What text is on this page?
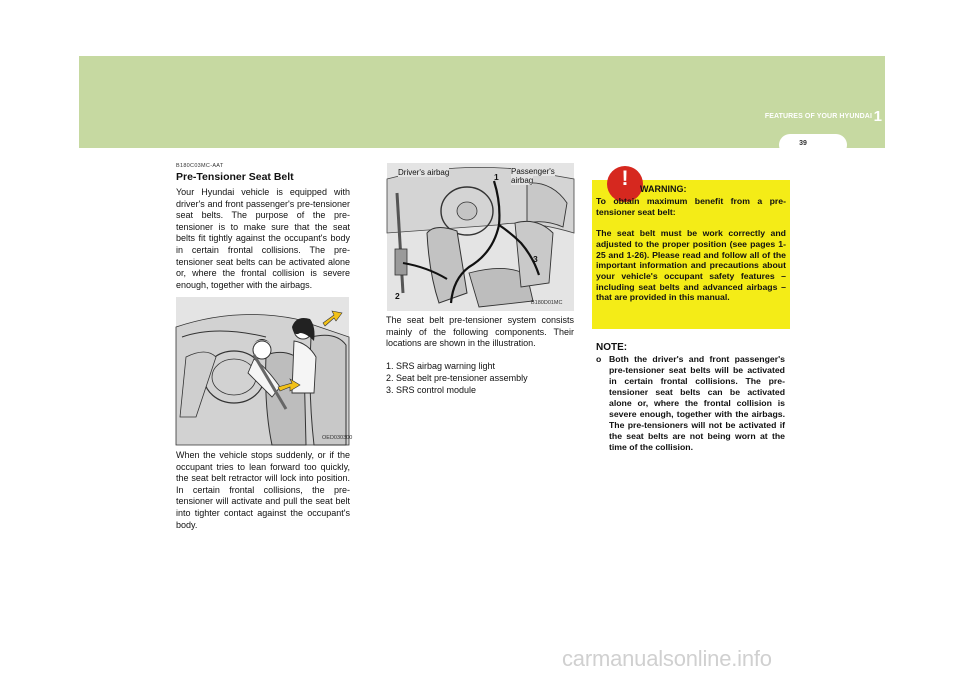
FEATURES OF YOUR HYUNDAI 1
39
B180C03MC-AAT
Pre-Tensioner Seat Belt

Your Hyundai vehicle is equipped with driver's and front passenger's pre-tensioner seat belts. The purpose of the pre-tensioner is to make sure that the seat belts fit tightly against the occupant's body in certain frontal collisions. The pre-tensioner seat belts can be activated alone or, where the frontal collision is severe enough, together with the airbags.

OED030300

When the vehicle stops suddenly, or if the occupant tries to lean forward too quickly, the seat belt retractor will lock into position. In certain frontal collisions, the pre-tensioner will activate and pull the seat belt into tighter contact against the occupant's body.

Driver's airbag	Passenger's
airbag
1
2
3
B180D01MC

The seat belt pre-tensioner system consists mainly of the following components. Their locations are shown in the illustration.

1. SRS airbag warning light
2. Seat belt pre-tensioner assembly
3. SRS control module
!	WARNING:

To obtain maximum benefit from a pre-tensioner seat belt:

The seat belt must be work correctly and adjusted to the proper position (see pages 1-25 and 1-26). Please read and follow all of the important information and precautions about your vehicle's occupant safety features – including seat belts and advanced airbags – that are provided in this manual.

NOTE:
o Both the driver's and front passenger's pre-tensioner seat belts will be activated in certain frontal collisions. The pre-tensioner seat belts can be activated alone or, where the frontal collision is severe enough, together with the airbags. The pre-tensioners will not be activated if the seat belts are not being worn at the time of the collision.
carmanualsonline.info
